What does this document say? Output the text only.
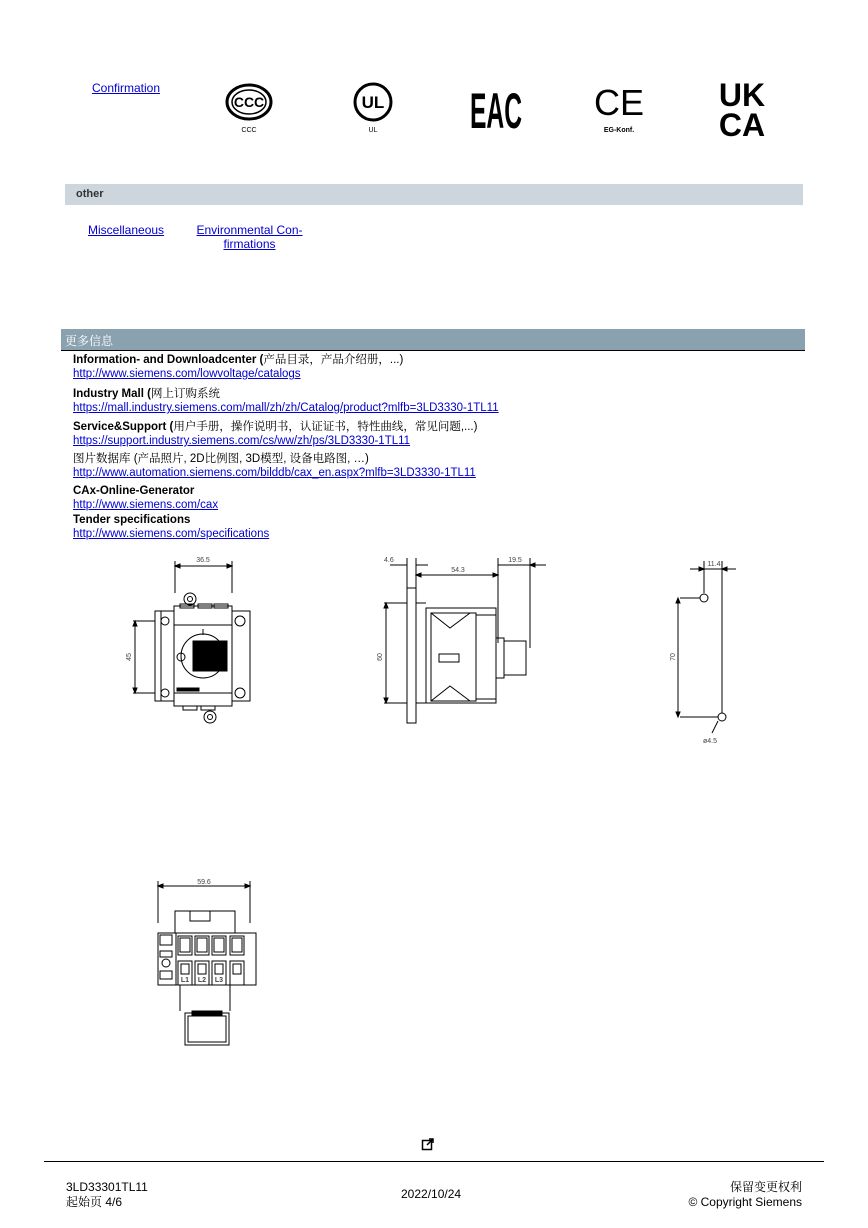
Confirmation
CCC
CCC
UL
UL	EAC CE
EG-Konf.
UK
CA
other
Miscellaneous	Environmental Con-
firmations
更多信息
Information- and Downloadcenter (产品目录，产品介绍册，...)
http://www.siemens.com/lowvoltage/catalogs
Industry Mall (网上订购系统
https://mall.industry.siemens.com/mall/zh/zh/Catalog/product?mlfb=3LD3330-1TL11
Service&Support (用户手册，操作说明书，认证证书，特性曲线，常见问题,...)
https://support.industry.siemens.com/cs/ww/zh/ps/3LD3330-1TL11
图片数据库 (产品照片, 2D比例图, 3D模型, 设备电路图, …)
http://www.automation.siemens.com/bilddb/cax_en.aspx?mlfb=3LD3330-1TL11
CAx-Online-Generator
http://www.siemens.com/cax
Tender specifications
http://www.siemens.com/specifications
36.5
45
4.6
54.3
19.5
60
11.4
70
ø4.5
59.6
L1 L2 L3
3LD33301TL11
起始页 4/6
2022/10/24	保留变更权利
© Copyright Siemens
